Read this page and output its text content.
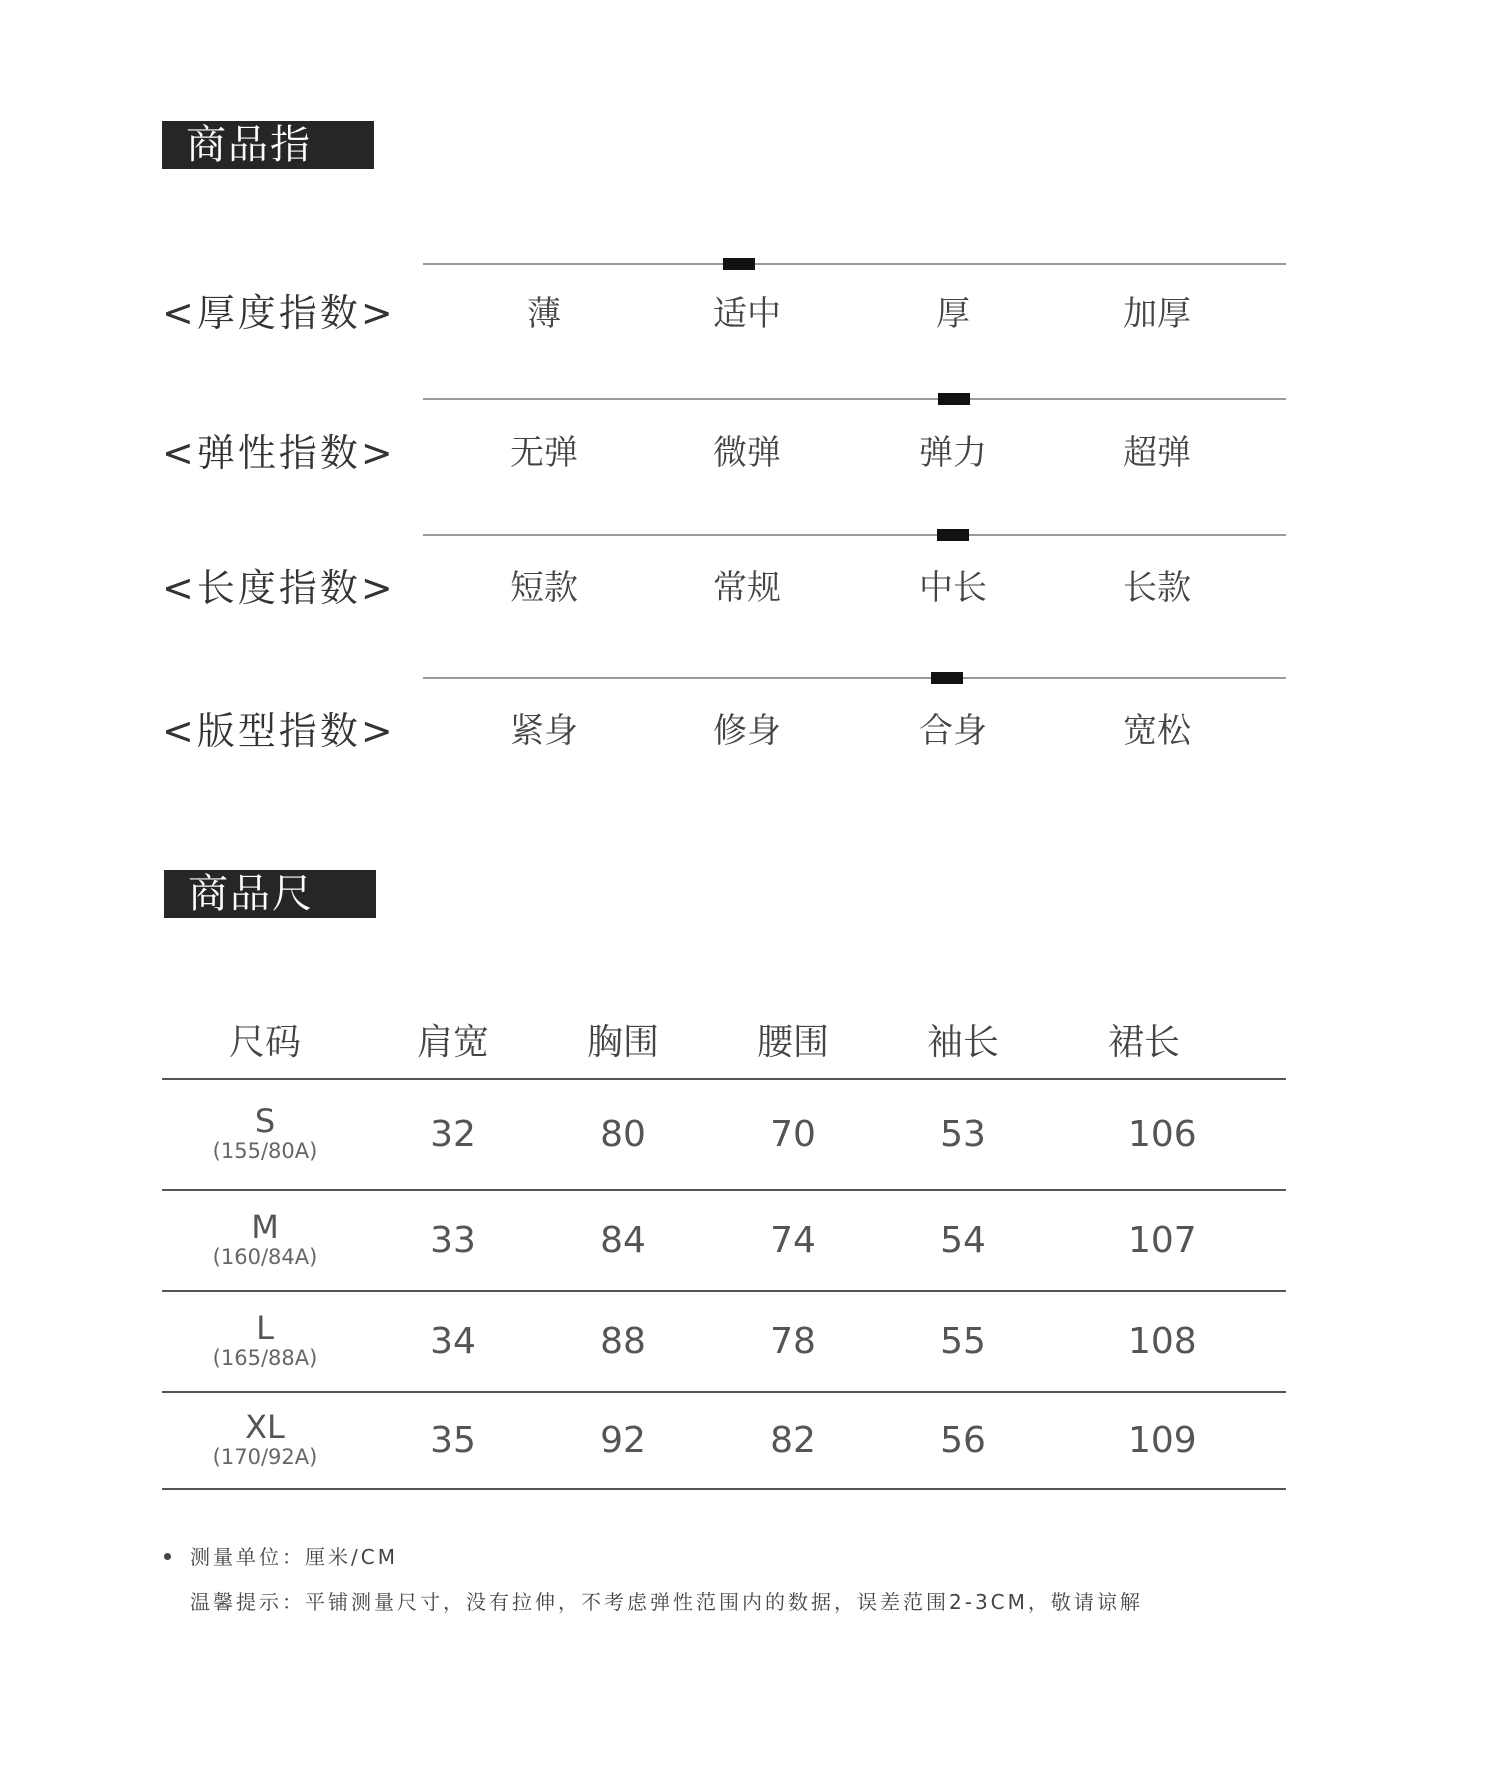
商品指数
<厚度指数>	薄	适中	厚	加厚
<弹性指数>	无弹	微弹	弹力	超弹
<长度指数>	短款	常规	中长	长款
<版型指数>	紧身	修身	合身	宽松
商品尺寸
尺码	肩宽	胸围	腰围	袖长	裙长

S
(155/80A)	32	80	70	53	106

M
(160/84A)	33	84	74	54	107

L
(165/88A)	34	88	78	55	108

XL
(170/92A)	35	92	82	56	109
测量单位：厘米/CM
温馨提示：平铺测量尺寸，没有拉伸，不考虑弹性范围内的数据，误差范围2-3CM，敬请谅解
